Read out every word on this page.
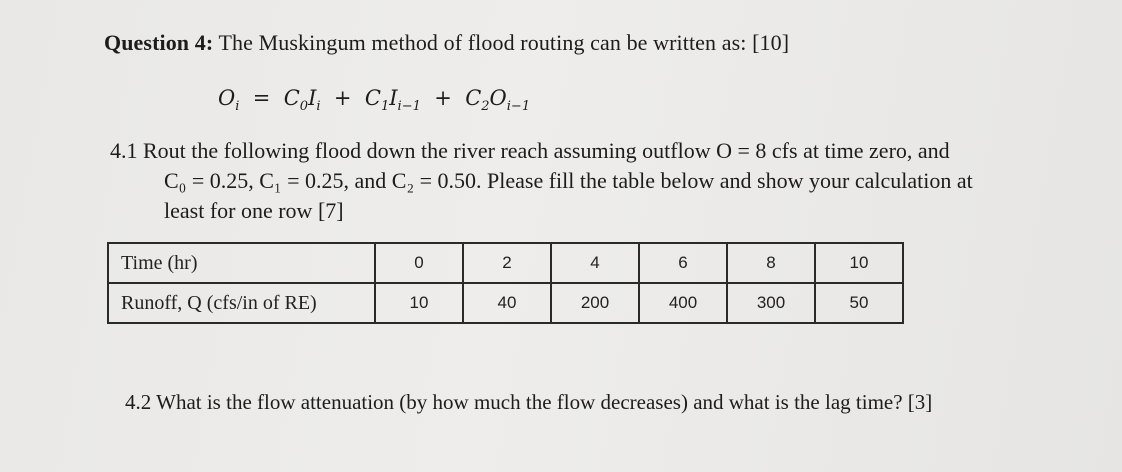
Question 4: The Muskingum method of flood routing can be written as: [10]
$O_i = C_0I_i + C_1I_{i-1} + C_2O_{i-1}$
4.1 Rout the following flood down the river reach assuming outflow O = 8 cfs at time zero, and
C₀ = 0.25, C₁ = 0.25, and C₂ = 0.50. Please fill the table below and show your calculation at
least for one row [7]
Time (hr)	0	2	4	6	8	10
Runoff, Q (cfs/in of RE)	10	40	200	400	300	50
4.2 What is the flow attenuation (by how much the flow decreases) and what is the lag time? [3]
